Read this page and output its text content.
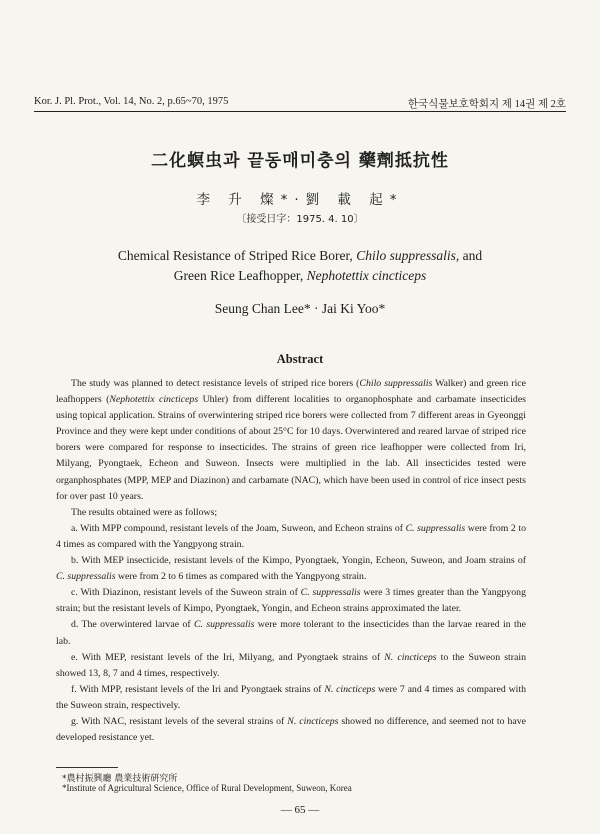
Kor. J. Pl. Prot., Vol. 14, No. 2, p.65~70, 1975	한국식물보호학회지 제 14권 제 2호
二化螟虫과 끝동매미충의 藥劑抵抗性
李 升 燦*·劉 載 起*
〔接受日字：1975. 4. 10〕
Chemical Resistance of Striped Rice Borer, Chilo suppressalis, and
Green Rice Leafhopper, Nephotettix cincticeps
Seung Chan Lee* · Jai Ki Yoo*
Abstract

The study was planned to detect resistance levels of striped rice borers (Chilo suppressalis Walker) and green rice leafhoppers (Nephotettix cincticeps Uhler) from different localities to organophosphate and carbamate insecticides using topical application. Strains of overwintering striped rice borers were collected from 7 different areas in Gyeonggi Province and they were kept under conditions of about 25°C for 10 days. Overwintered and reared larvae of striped rice borers were compared for response to insecticides. The strains of green rice leafhopper were collected from Iri, Milyang, Pyongtaek, Echeon and Suweon. Insects were multiplied in the lab. All insecticides tested were organphosphates (MPP, MEP and Diazinon) and carbamate (NAC), which have been used in control of rice insect pests for over past 10 years.

The results obtained were as follows;

a. With MPP compound, resistant levels of the Joam, Suweon, and Echeon strains of C. suppressalis were from 2 to 4 times as compared with the Yangpyong strain.

b. With MEP insecticide, resistant levels of the Kimpo, Pyongtaek, Yongin, Echeon, Suweon, and Joam strains of C. suppressalis were from 2 to 6 times as compared with the Yangpyong strain.

c. With Diazinon, resistant levels of the Suweon strain of C. suppressalis were 3 times greater than the Yangpyong strain; but the resistant levels of Kimpo, Pyongtaek, Yongin, and Echeon strains approximated the later.

d. The overwintered larvae of C. suppressalis were more tolerant to the insecticides than the larvae reared in the lab.

e. With MEP, resistant levels of the Iri, Milyang, and Pyongtaek strains of N. cincticeps to the Suweon strain showed 13, 8, 7 and 4 times, respectively.

f. With MPP, resistant levels of the Iri and Pyongtaek strains of N. cincticeps were 7 and 4 times as compared with the Suweon strain, respectively.

g. With NAC, resistant levels of the several strains of N. cincticeps showed no difference, and seemed not to have developed resistance yet.

*農村振興廳 農業技術硏究所
*Institute of Agricultural Science, Office of Rural Development, Suweon, Korea
— 65 —
